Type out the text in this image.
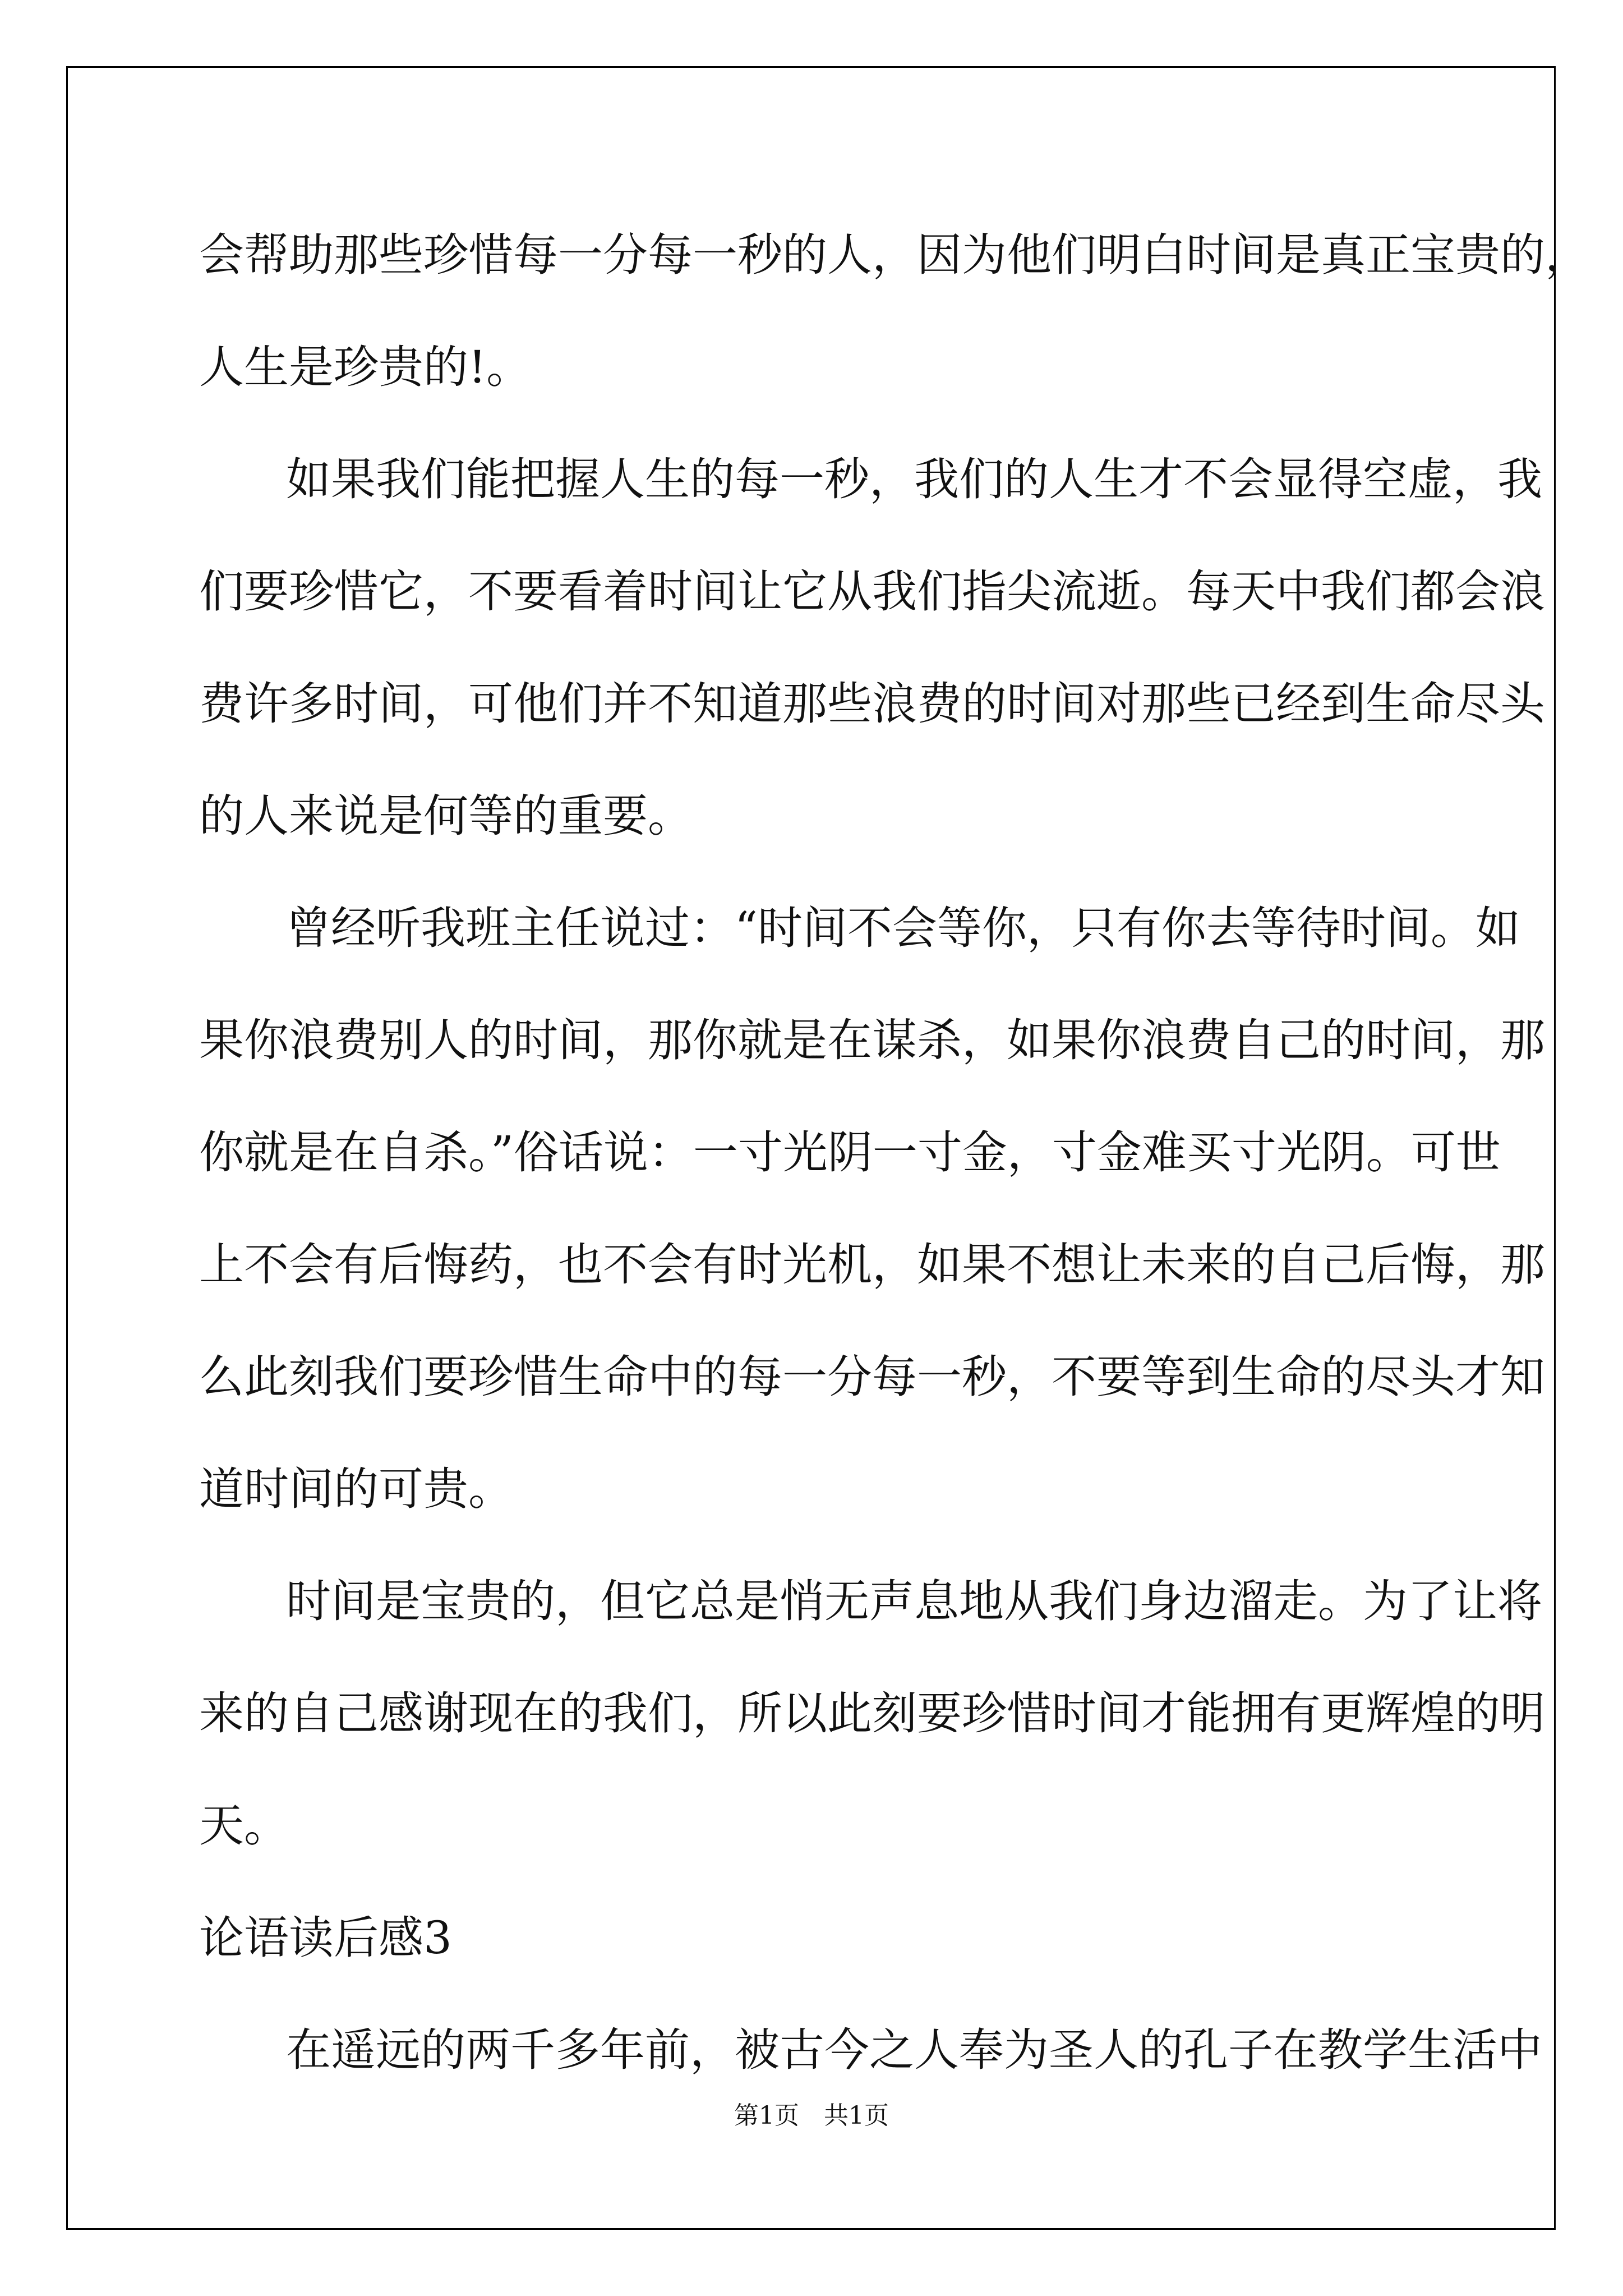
会帮助那些珍惜每一分每一秒的人，因为他们明白时间是真正宝贵的，
人生是珍贵的!。
如果我们能把握人生的每一秒，我们的人生才不会显得空虚，我
们要珍惜它，不要看着时间让它从我们指尖流逝。每天中我们都会浪
费许多时间，可他们并不知道那些浪费的时间对那些已经到生命尽头
的人来说是何等的重要。
曾经听我班主任说过：“时间不会等你，只有你去等待时间。如
果你浪费别人的时间，那你就是在谋杀，如果你浪费自己的时间，那
你就是在自杀。”俗话说：一寸光阴一寸金，寸金难买寸光阴。可世
上不会有后悔药，也不会有时光机，如果不想让未来的自己后悔，那
么此刻我们要珍惜生命中的每一分每一秒，不要等到生命的尽头才知
道时间的可贵。
时间是宝贵的，但它总是悄无声息地从我们身边溜走。为了让将
来的自己感谢现在的我们，所以此刻要珍惜时间才能拥有更辉煌的明
天。
论语读后感3
在遥远的两千多年前，被古今之人奉为圣人的孔子在教学生活中
第1页　共1页
